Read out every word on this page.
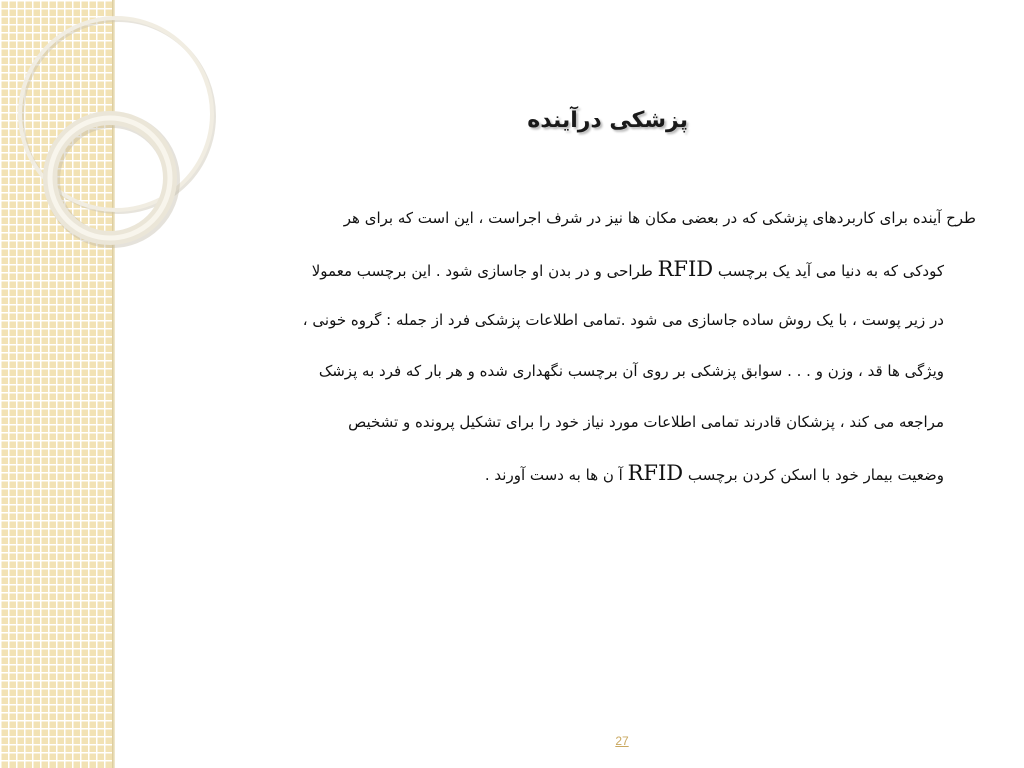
پزشکی درآینده
طرح آینده برای کاربردهای پزشکی که در بعضی مکان ها نیز در شرف اجراست ، این است که برای هر
کودکی که به دنیا می آید یک برچسب RFID طراحی و در بدن او جاسازی شود . این برچسب معمولا
در زیر پوست ، با یک روش ساده جاسازی می شود .تمامی اطلاعات پزشکی فرد از جمله : گروه خونی ،
ویژگی ها قد ، وزن و . . . سوابق پزشکی بر روی آن برچسب نگهداری شده و هر بار که فرد به پزشک
مراجعه می کند ، پزشکان قادرند تمامی اطلاعات مورد نیاز خود را برای تشکیل پرونده و تشخیص
وضعیت بیمار خود با اسکن کردن برچسب RFID آ ن ها به دست آورند .
27
